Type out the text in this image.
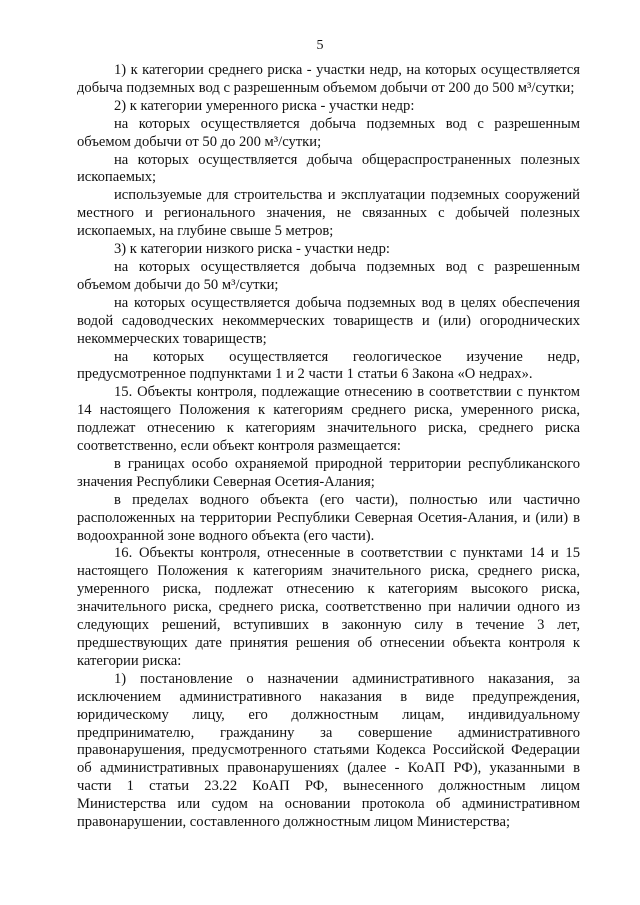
5

1) к категории среднего риска - участки недр, на которых осуществляется добыча подземных вод с разрешенным объемом добычи от 200 до 500 м³/сутки;

2) к категории умеренного риска - участки недр:

на которых осуществляется добыча подземных вод с разрешенным объемом добычи от 50 до 200 м³/сутки;

на которых осуществляется добыча общераспространенных полезных ископаемых;

используемые для строительства и эксплуатации подземных сооружений местного и регионального значения, не связанных с добычей полезных ископаемых, на глубине свыше 5 метров;

3) к категории низкого риска - участки недр:

на которых осуществляется добыча подземных вод с разрешенным объемом добычи до 50 м³/сутки;

на которых осуществляется добыча подземных вод в целях обеспечения водой садоводческих некоммерческих товариществ и (или) огороднических некоммерческих товариществ;

на которых осуществляется геологическое изучение недр, предусмотренное подпунктами 1 и 2 части 1 статьи 6 Закона «О недрах».

15. Объекты контроля, подлежащие отнесению в соответствии с пунктом 14 настоящего Положения к категориям среднего риска, умеренного риска, подлежат отнесению к категориям значительного риска, среднего риска соответственно, если объект контроля размещается:

в границах особо охраняемой природной территории республиканского значения Республики Северная Осетия-Алания;

в пределах водного объекта (его части), полностью или частично расположенных на территории Республики Северная Осетия-Алания, и (или) в водоохранной зоне водного объекта (его части).

16. Объекты контроля, отнесенные в соответствии с пунктами 14 и 15 настоящего Положения к категориям значительного риска, среднего риска, умеренного риска, подлежат отнесению к категориям высокого риска, значительного риска, среднего риска, соответственно при наличии одного из следующих решений, вступивших в законную силу в течение 3 лет, предшествующих дате принятия решения об отнесении объекта контроля к категории риска:

1) постановление о назначении административного наказания, за исключением административного наказания в виде предупреждения, юридическому лицу, его должностным лицам, индивидуальному предпринимателю, гражданину за совершение административного правонарушения, предусмотренного статьями Кодекса Российской Федерации об административных правонарушениях (далее - КоАП РФ), указанными в части 1 статьи 23.22 КоАП РФ, вынесенного должностным лицом Министерства или судом на основании протокола об административном правонарушении, составленного должностным лицом Министерства;
